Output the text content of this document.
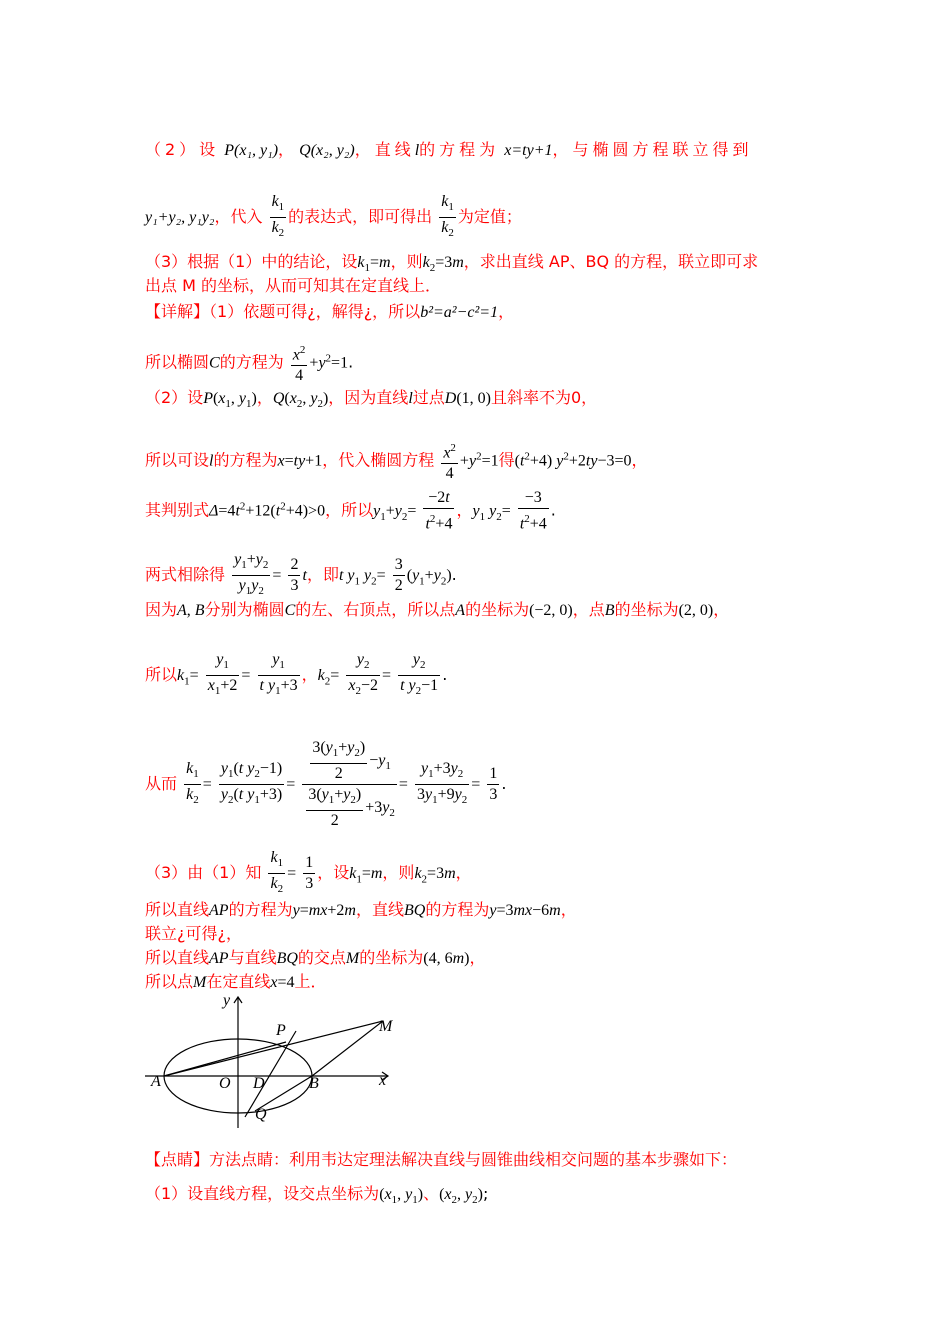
（2）设 P(x₁, y₁)， Q(x₂, y₂)，直线l的方程为 x=ty+1，与椭圆方程联立得到
y₁+y₂, y₁y₂，代入 $\frac{k_1}{k_2}$ 的表达式，即可得出 $\frac{k_1}{k_2}$ 为定值；
（3）根据（1）中的结论，设$k_1=m$，则$k_2=3m$，求出直线 AP、BQ 的方程，联立即可求
出点 M 的坐标，从而可知其在定直线上．
【详解】（1）依题可得¿，解得¿，所以b²=a²−c²=1，
所以椭圆C的方程为 $\frac{x^2}{4} +y^2=1$.
（2）设$P(x_1$, $y_1$)，$Q(x_2$, $y_2$)，因为直线l过点D(1, 0)且斜率不为0，
所以可设l的方程为x=ty+1，代入椭圆方程 $\frac{x^2}{4} +y^2=1$得$(t^2+4)$ $y^2+2ty-3=0$，
其判别式$\Delta=4t^2+12(t^2+4)>0$，所以$y_1+y_2= \frac{-2t}{t^2+4}$ ，$y_1$ $y_2= \frac{-3}{t^2+4}$ .
两式相除得 $\frac{y_1+y_2}{y_1y_2} = \frac{2}{3}$ t，即t $y_1$ $y_2= \frac{3}{2} (y_1+y_2)$.
因为A, B分别为椭圆C的左、右顶点，所以点A的坐标为(−2, 0)，点B的坐标为(2, 0)，
所以$k_1= \frac{y_1}{x_1+2} = \frac{y_1}{t y_1+3}$ ，$k_2= \frac{y_2}{x_2-2} = \frac{y_2}{t y_2-1}$ .
从而 $\frac{k_1}{k_2} = \frac{y_1(t y_2-1)}{y_2(t y_1+3)} = \frac{\frac{3(y_1+y_2)}{2} -y_1}{\frac{3(y_1+y_2)}{2} +3y_2} = \frac{y_1+3y_2}{3y_1+9y_2} = \frac{1}{3}$ .
（3）由（1）知 $\frac{k_1}{k_2} = \frac{1}{3}$ ，设$k_1=m$，则$k_2=3m$，
所以直线AP的方程为y=mx+2m，直线BQ的方程为y=3mx−6m，
联立¿可得¿，
所以直线AP与直线BQ的交点M的坐标为(4, 6m)，
所以点M在定直线x=4上．
y
x
A	O D	B
P
Q
M
【点睛】方法点睛：利用韦达定理法解决直线与圆锥曲线相交问题的基本步骤如下：
（1）设直线方程，设交点坐标为($x_1$, $y_1$)、($x_2$, $y_2$);
